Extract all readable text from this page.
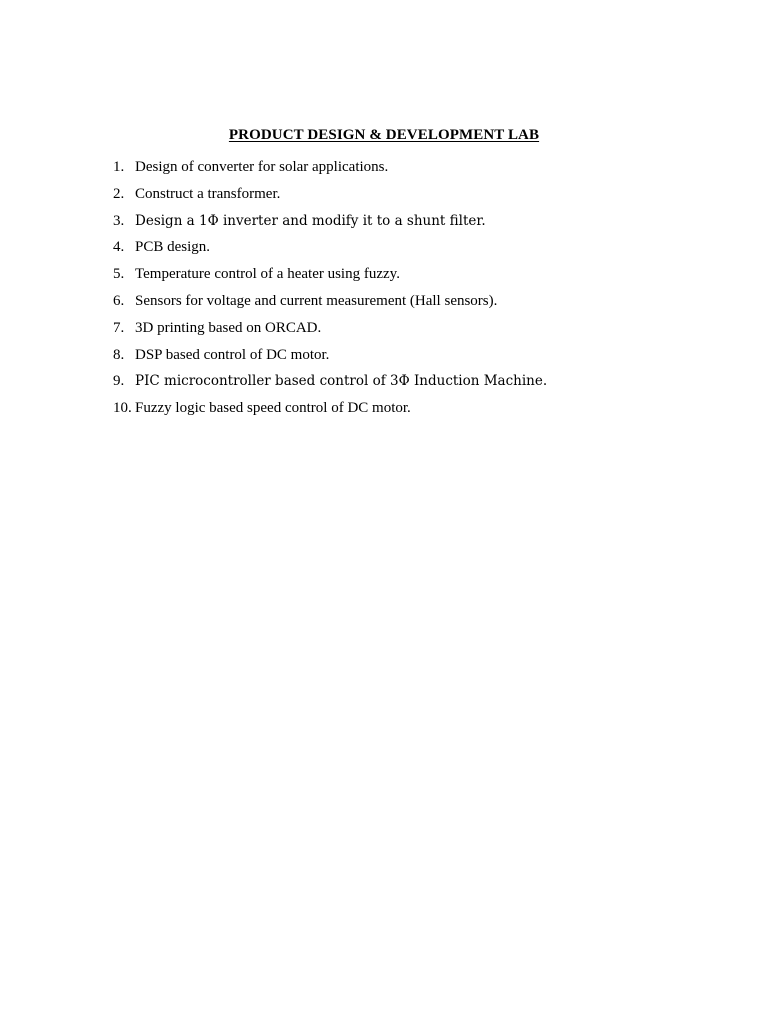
PRODUCT DESIGN & DEVELOPMENT LAB
1. Design of converter for solar applications.
2. Construct a transformer.
3. Design a 1Φ inverter and modify it to a shunt filter.
4. PCB design.
5. Temperature control of a heater using fuzzy.
6. Sensors for voltage and current measurement (Hall sensors).
7. 3D printing based on ORCAD.
8. DSP based control of DC motor.
9. PIC microcontroller based control of 3Φ Induction Machine.
10. Fuzzy logic based speed control of DC motor.
